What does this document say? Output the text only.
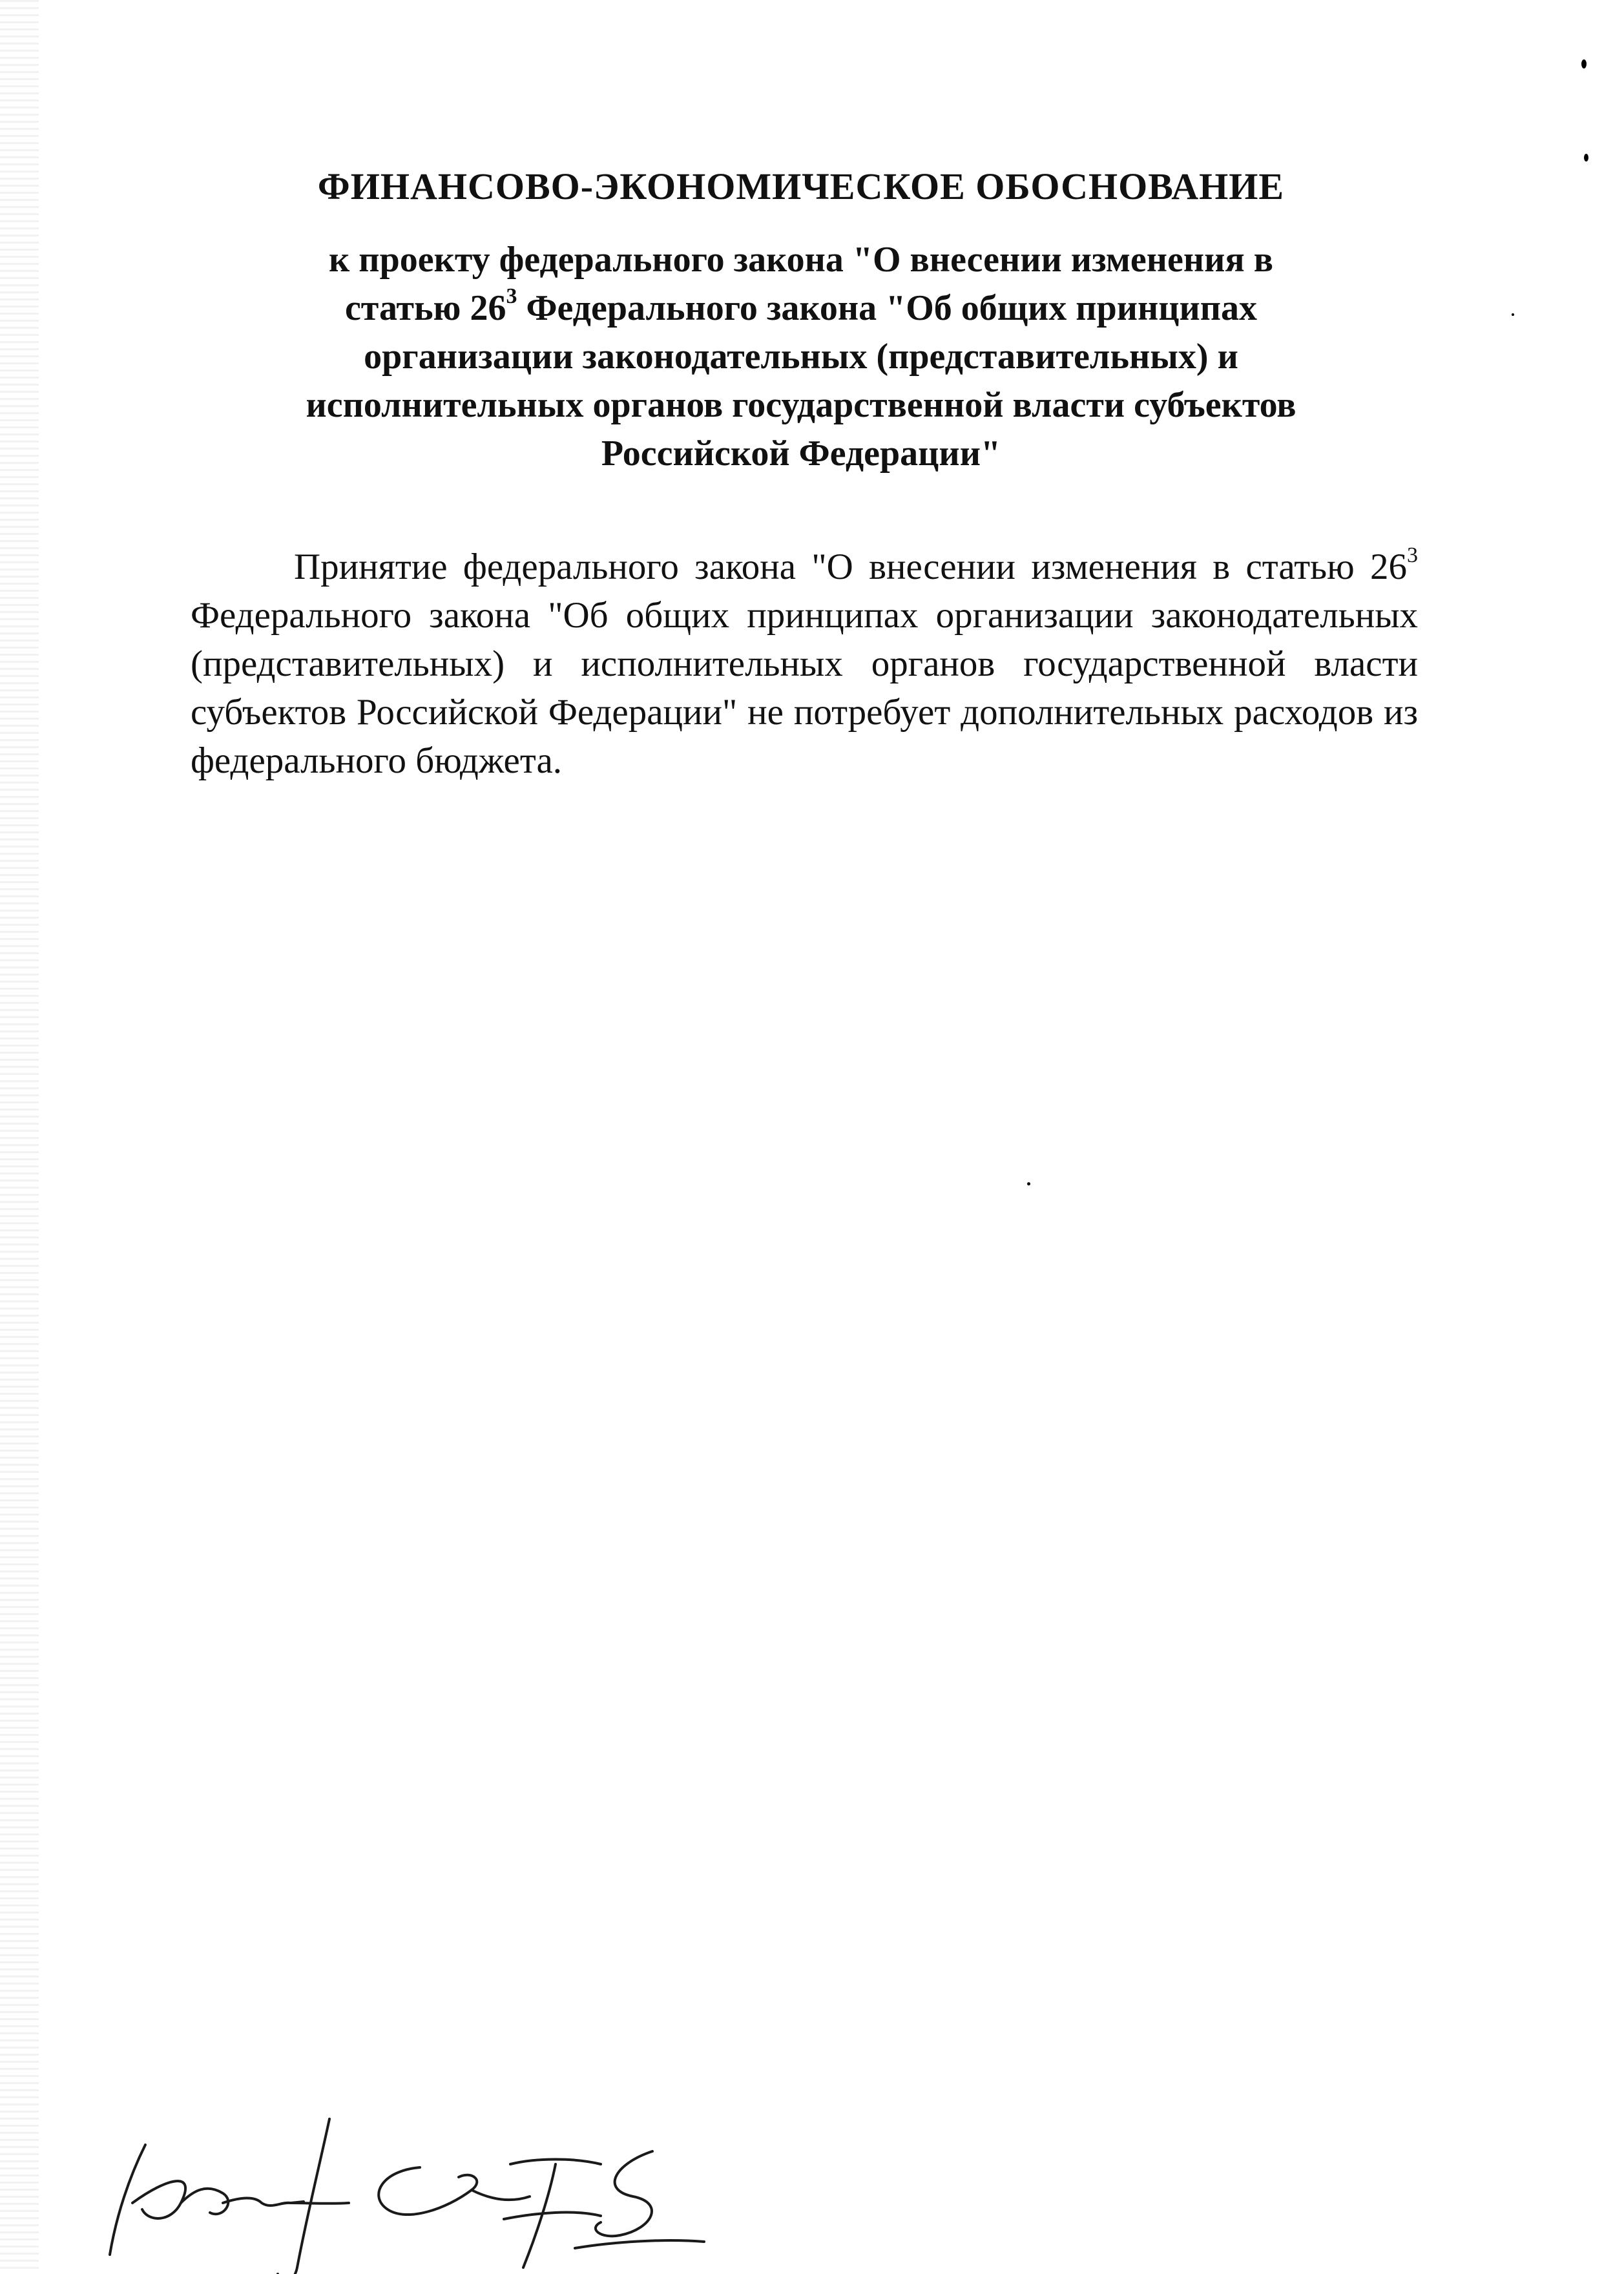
ФИНАНСОВО-ЭКОНОМИЧЕСКОЕ ОБОСНОВАНИЕ
к проекту федерального закона "О внесении изменения в
статью $26^3$ Федерального закона "Об общих принципах
организации законодательных (представительных) и
исполнительных органов государственной власти субъектов
Российской Федерации"

Принятие федерального закона "О внесении изменения в статью $26^3$ Федерального закона "Об общих принципах организации законодательных (представительных) и исполнительных органов государственной власти субъектов Российской Федерации" не потребует дополнительных расходов из федерального бюджета.
